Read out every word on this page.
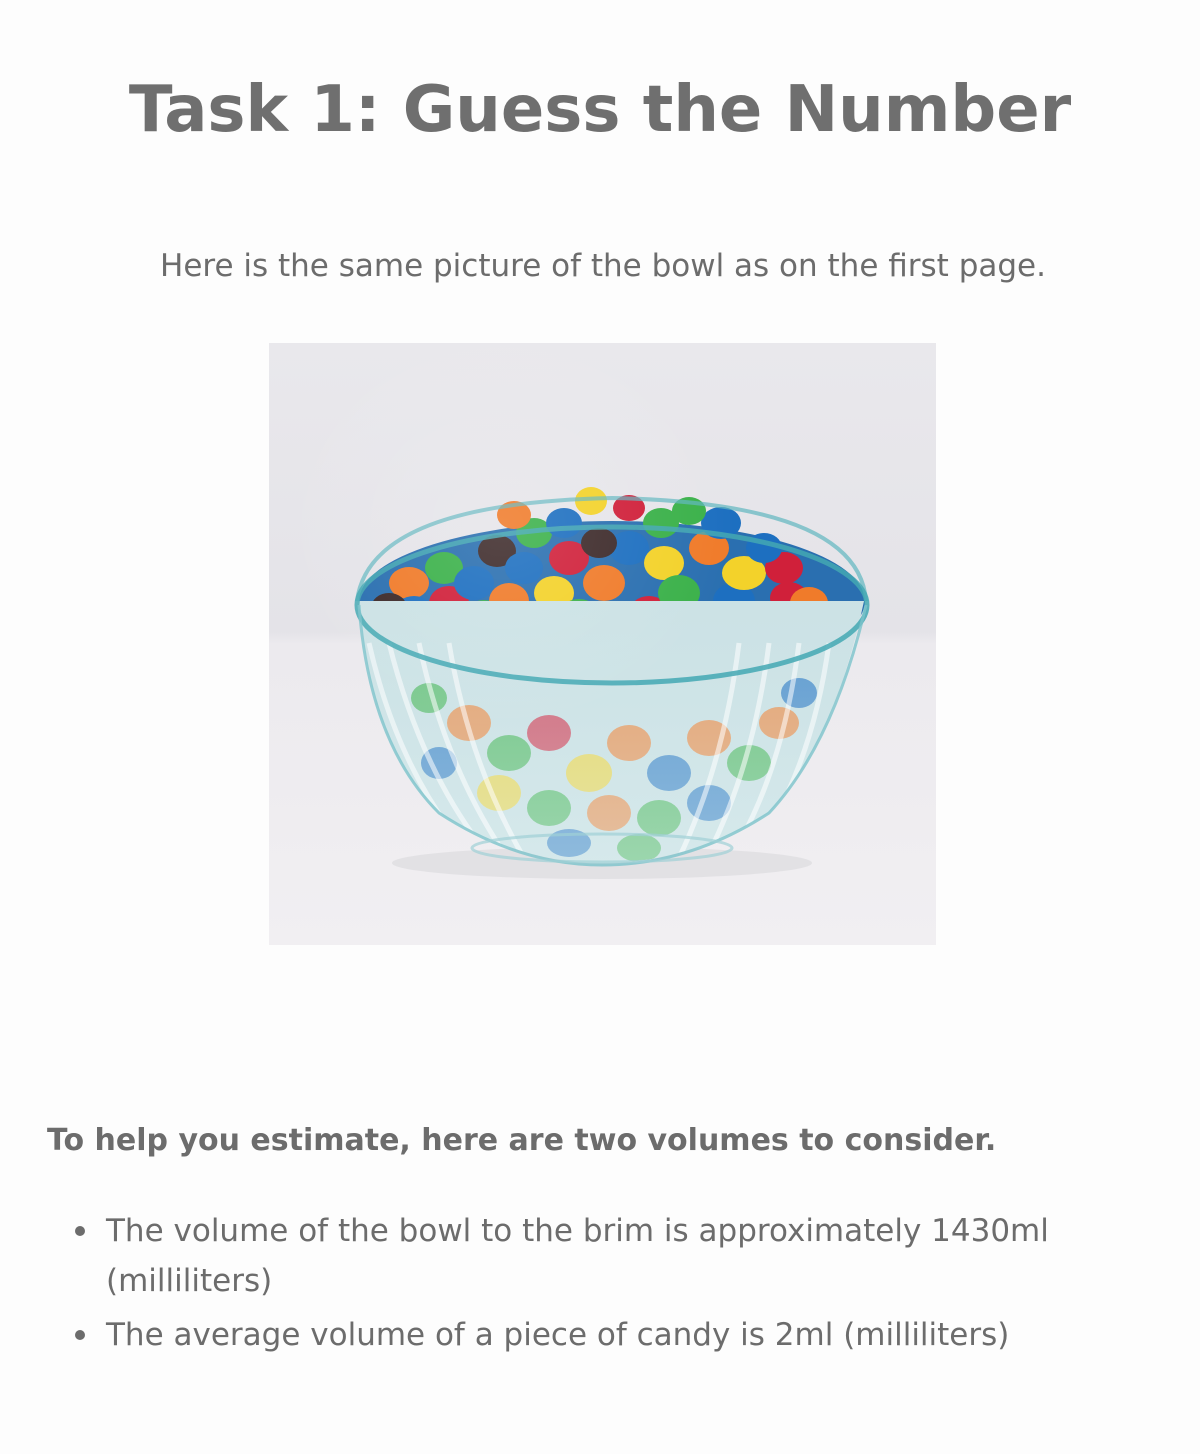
Task 1: Guess the Number

Here is the same picture of the bowl as on the first page.

To help you estimate, here are two volumes to consider.

The volume of the bowl to the brim is approximately 1430ml (milliliters)
The average volume of a piece of candy is 2ml (milliliters)
